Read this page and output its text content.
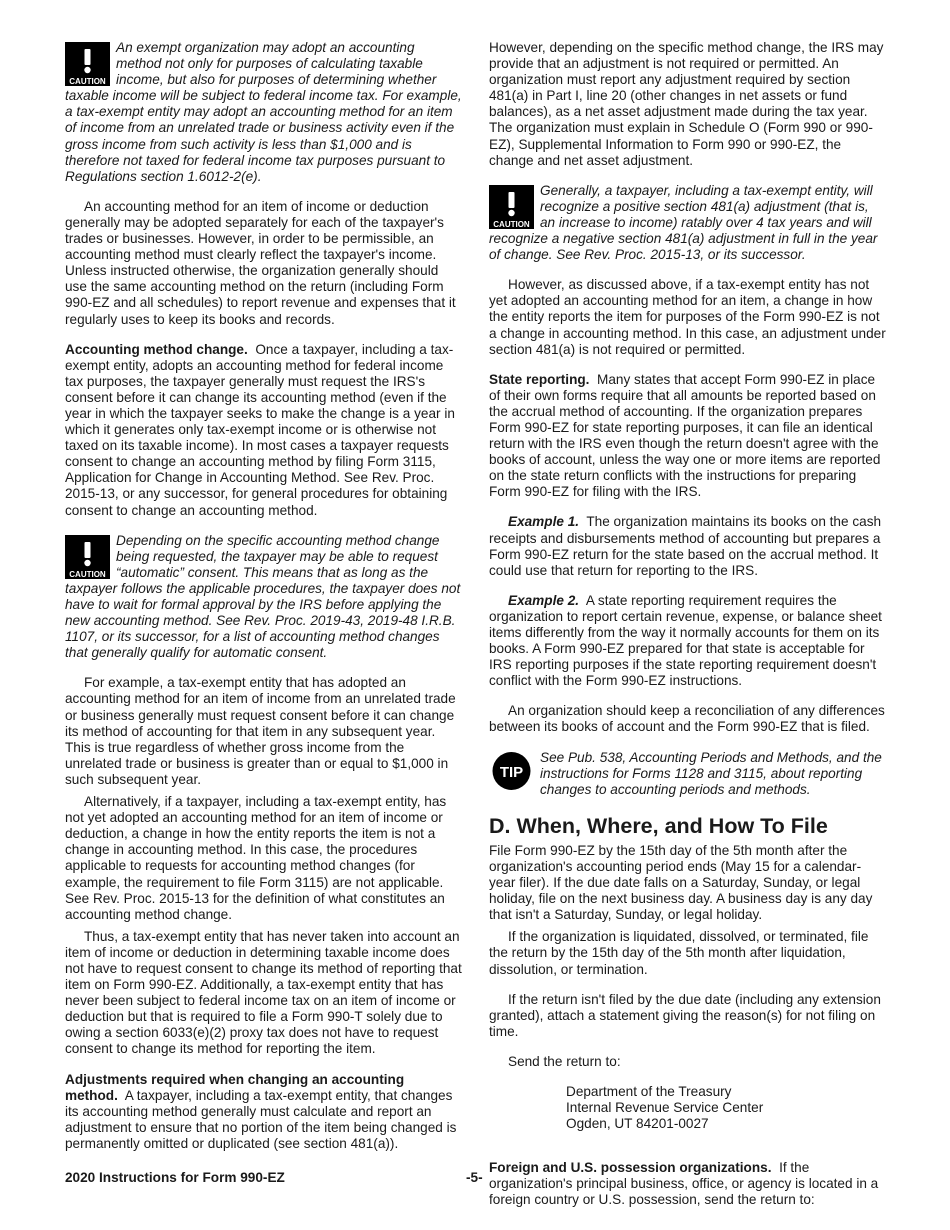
CAUTION
An exempt organization may adopt an accounting method not only for purposes of calculating taxable income, but also for purposes of determining whether taxable income will be subject to federal income tax. For example, a tax-exempt entity may adopt an accounting method for an item of income from an unrelated trade or business activity even if the gross income from such activity is less than $1,000 and is therefore not taxed for federal income tax purposes pursuant to Regulations section 1.6012-2(e).

An accounting method for an item of income or deduction generally may be adopted separately for each of the taxpayer's trades or businesses. However, in order to be permissible, an accounting method must clearly reflect the taxpayer's income. Unless instructed otherwise, the organization generally should use the same accounting method on the return (including Form 990-EZ and all schedules) to report revenue and expenses that it regularly uses to keep its books and records.

Accounting method change. Once a taxpayer, including a tax-exempt entity, adopts an accounting method for federal income tax purposes, the taxpayer generally must request the IRS's consent before it can change its accounting method (even if the year in which the taxpayer seeks to make the change is a year in which it generates only tax-exempt income or is otherwise not taxed on its taxable income). In most cases a taxpayer requests consent to change an accounting method by filing Form 3115, Application for Change in Accounting Method. See Rev. Proc. 2015-13, or any successor, for general procedures for obtaining consent to change an accounting method.

CAUTION
Depending on the specific accounting method change being requested, the taxpayer may be able to request “automatic” consent. This means that as long as the taxpayer follows the applicable procedures, the taxpayer does not have to wait for formal approval by the IRS before applying the new accounting method. See Rev. Proc. 2019-43, 2019-48 I.R.B. 1107, or its successor, for a list of accounting method changes that generally qualify for automatic consent.

For example, a tax-exempt entity that has adopted an accounting method for an item of income from an unrelated trade or business generally must request consent before it can change its method of accounting for that item in any subsequent year. This is true regardless of whether gross income from the unrelated trade or business is greater than or equal to $1,000 in such subsequent year.

Alternatively, if a taxpayer, including a tax-exempt entity, has not yet adopted an accounting method for an item of income or deduction, a change in how the entity reports the item is not a change in accounting method. In this case, the procedures applicable to requests for accounting method changes (for example, the requirement to file Form 3115) are not applicable. See Rev. Proc. 2015-13 for the definition of what constitutes an accounting method change.

Thus, a tax-exempt entity that has never taken into account an item of income or deduction in determining taxable income does not have to request consent to change its method of reporting that item on Form 990-EZ. Additionally, a tax-exempt entity that has never been subject to federal income tax on an item of income or deduction but that is required to file a Form 990-T solely due to owing a section 6033(e)(2) proxy tax does not have to request consent to change its method for reporting the item.

Adjustments required when changing an accounting method. A taxpayer, including a tax-exempt entity, that changes its accounting method generally must calculate and report an adjustment to ensure that no portion of the item being changed is permanently omitted or duplicated (see section 481(a)).

However, depending on the specific method change, the IRS may provide that an adjustment is not required or permitted. An organization must report any adjustment required by section 481(a) in Part I, line 20 (other changes in net assets or fund balances), as a net asset adjustment made during the tax year. The organization must explain in Schedule O (Form 990 or 990-EZ), Supplemental Information to Form 990 or 990-EZ, the change and net asset adjustment.

CAUTION
Generally, a taxpayer, including a tax-exempt entity, will recognize a positive section 481(a) adjustment (that is, an increase to income) ratably over 4 tax years and will recognize a negative section 481(a) adjustment in full in the year of change. See Rev. Proc. 2015-13, or its successor.

However, as discussed above, if a tax-exempt entity has not yet adopted an accounting method for an item, a change in how the entity reports the item for purposes of the Form 990-EZ is not a change in accounting method. In this case, an adjustment under section 481(a) is not required or permitted.

State reporting. Many states that accept Form 990-EZ in place of their own forms require that all amounts be reported based on the accrual method of accounting. If the organization prepares Form 990-EZ for state reporting purposes, it can file an identical return with the IRS even though the return doesn't agree with the books of account, unless the way one or more items are reported on the state return conflicts with the instructions for preparing Form 990-EZ for filing with the IRS.

Example 1. The organization maintains its books on the cash receipts and disbursements method of accounting but prepares a Form 990-EZ return for the state based on the accrual method. It could use that return for reporting to the IRS.

Example 2. A state reporting requirement requires the organization to report certain revenue, expense, or balance sheet items differently from the way it normally accounts for them on its books. A Form 990-EZ prepared for that state is acceptable for IRS reporting purposes if the state reporting requirement doesn't conflict with the Form 990-EZ instructions.

An organization should keep a reconciliation of any differences between its books of account and the Form 990-EZ that is filed.

TIP
See Pub. 538, Accounting Periods and Methods, and the instructions for Forms 1128 and 3115, about reporting changes to accounting periods and methods.
D. When, Where, and How To File

File Form 990-EZ by the 15th day of the 5th month after the organization's accounting period ends (May 15 for a calendar-year filer). If the due date falls on a Saturday, Sunday, or legal holiday, file on the next business day. A business day is any day that isn't a Saturday, Sunday, or legal holiday.

If the organization is liquidated, dissolved, or terminated, file the return by the 15th day of the 5th month after liquidation, dissolution, or termination.

If the return isn't filed by the due date (including any extension granted), attach a statement giving the reason(s) for not filing on time.

Send the return to:

Department of the Treasury
Internal Revenue Service Center
Ogden, UT 84201-0027

Foreign and U.S. possession organizations. If the organization's principal business, office, or agency is located in a foreign country or U.S. possession, send the return to:

2020 Instructions for Form 990-EZ	-5-
